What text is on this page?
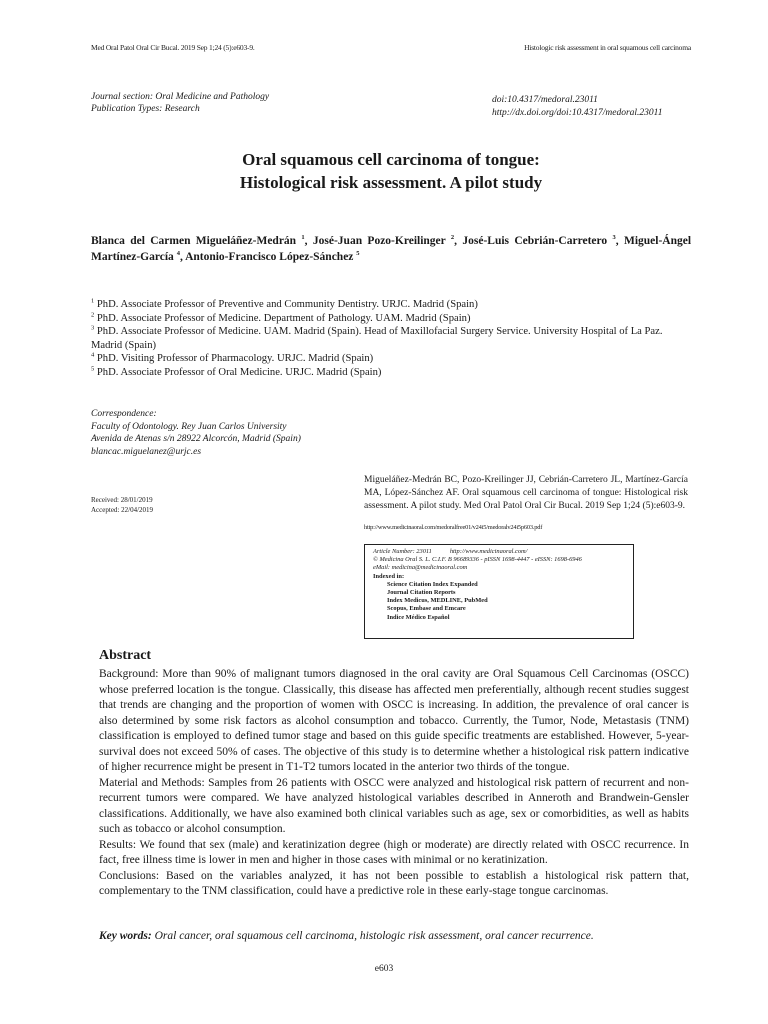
Med Oral Patol Oral Cir Bucal. 2019 Sep 1;24 (5):e603-9.	Histologic risk assessment in oral squamous cell carcinoma
Journal section: Oral Medicine and Pathology
Publication Types: Research
doi:10.4317/medoral.23011
http://dx.doi.org/doi:10.4317/medoral.23011
Oral squamous cell carcinoma of tongue:
Histological risk assessment. A pilot study
Blanca del Carmen Migueláñez-Medrán $^1$, José-Juan Pozo-Kreilinger $^2$, José-Luis Cebrián-Carretero $^3$, Miguel-Ángel Martínez-García $^4$, Antonio-Francisco López-Sánchez $^5$
$^1$ PhD. Associate Professor of Preventive and Community Dentistry. URJC. Madrid (Spain)
$^2$ PhD. Associate Professor of Medicine. Department of Pathology. UAM. Madrid (Spain)
$^3$ PhD. Associate Professor of Medicine. UAM. Madrid (Spain). Head of Maxillofacial Surgery Service. University Hospital of La Paz. Madrid (Spain)
$^4$ PhD. Visiting Professor of Pharmacology. URJC. Madrid (Spain)
$^5$ PhD. Associate Professor of Oral Medicine. URJC. Madrid (Spain)
Correspondence:
Faculty of Odontology. Rey Juan Carlos University
Avenida de Atenas s/n 28922 Alcorcón, Madrid (Spain)
blancac.miguelanez@urjc.es
Received: 28/01/2019
Accepted: 22/04/2019
Migueláñez-Medrán BC, Pozo-Kreilinger JJ, Cebrián-Carretero JL, Martínez-García MA, López-Sánchez AF. Oral squamous cell carcinoma of tongue: Histological risk assessment. A pilot study. Med Oral Patol Oral Cir Bucal. 2019 Sep 1;24 (5):e603-9.
http://www.medicinaoral.com/medoralfree01/v24i5/medoralv24i5p603.pdf
Article Number: 23011	http://www.medicinaoral.com/
© Medicina Oral S. L. C.I.F. B 96689336 - pISSN 1698-4447 - eISSN: 1698-6946
eMail: medicina@medicinaoral.com
Indexed in:
Science Citation Index Expanded
Journal Citation Reports
Index Medicus, MEDLINE, PubMed
Scopus, Embase and Emcare
Indice Médico Español
Abstract

Background: More than 90% of malignant tumors diagnosed in the oral cavity are Oral Squamous Cell Carcinomas (OSCC) whose preferred location is the tongue. Classically, this disease has affected men preferentially, although recent studies suggest that trends are changing and the proportion of women with OSCC is increasing. In addition, the prevalence of oral cancer is also determined by some risk factors as alcohol consumption and tobacco. Currently, the Tumor, Node, Metastasis (TNM) classification is employed to defined tumor stage and based on this guide specific treatments are established. However, 5-year-survival does not exceed 50% of cases. The objective of this study is to determine whether a histological risk pattern indicative of higher recurrence might be present in T1-T2 tumors located in the anterior two thirds of the tongue.

Material and Methods: Samples from 26 patients with OSCC were analyzed and histological risk pattern of recurrent and non-recurrent tumors were compared. We have analyzed histological variables described in Anneroth and Brandwein-Gensler classifications. Additionally, we have also examined both clinical variables such as age, sex or comorbidities, as well as habits such as tobacco or alcohol consumption.

Results: We found that sex (male) and keratinization degree (high or moderate) are directly related with OSCC recurrence. In fact, free illness time is lower in men and higher in those cases with minimal or no keratinization.

Conclusions: Based on the variables analyzed, it has not been possible to establish a histological risk pattern that, complementary to the TNM classification, could have a predictive role in these early-stage tongue carcinomas.

Key words: Oral cancer, oral squamous cell carcinoma, histologic risk assessment, oral cancer recurrence.
e603
